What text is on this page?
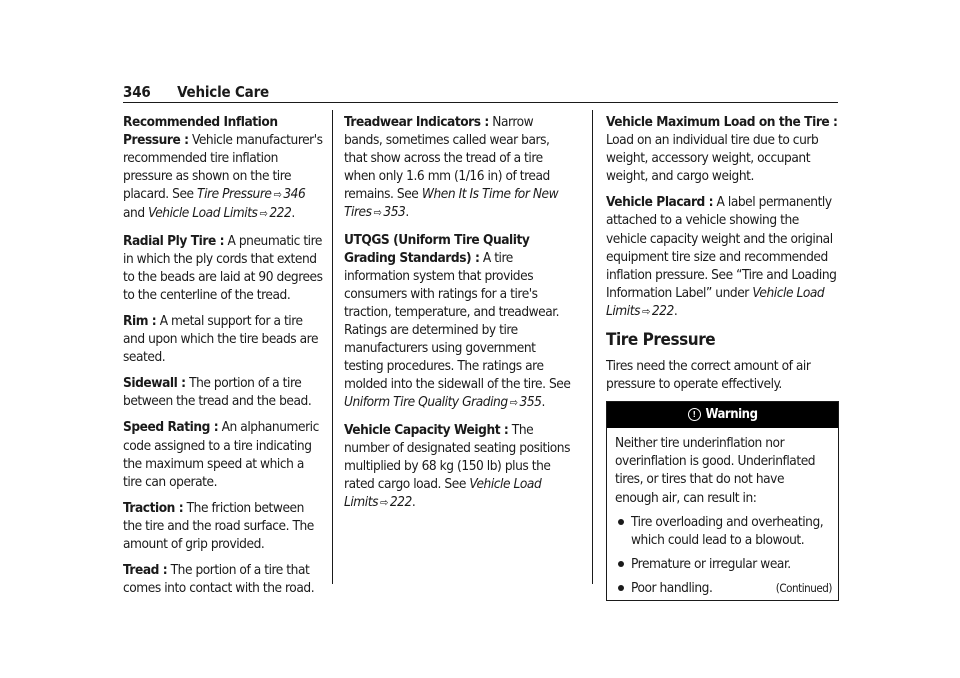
346 Vehicle Care

Recommended Inflation Pressure : Vehicle manufacturer's recommended tire inflation pressure as shown on the tire placard. See Tire Pressure ⇨ 346 and Vehicle Load Limits ⇨ 222.

Radial Ply Tire : A pneumatic tire in which the ply cords that extend to the beads are laid at 90 degrees to the centerline of the tread.

Rim : A metal support for a tire and upon which the tire beads are seated.

Sidewall : The portion of a tire between the tread and the bead.

Speed Rating : An alphanumeric code assigned to a tire indicating the maximum speed at which a tire can operate.

Traction : The friction between the tire and the road surface. The amount of grip provided.

Tread : The portion of a tire that comes into contact with the road.

Treadwear Indicators : Narrow bands, sometimes called wear bars, that show across the tread of a tire when only 1.6 mm (1/16 in) of tread remains. See When It Is Time for New Tires ⇨ 353.

UTQGS (Uniform Tire Quality Grading Standards) : A tire information system that provides consumers with ratings for a tire's traction, temperature, and treadwear. Ratings are determined by tire manufacturers using government testing procedures. The ratings are molded into the sidewall of the tire. See Uniform Tire Quality Grading ⇨ 355.

Vehicle Capacity Weight : The number of designated seating positions multiplied by 68 kg (150 lb) plus the rated cargo load. See Vehicle Load Limits ⇨ 222.

Vehicle Maximum Load on the Tire : Load on an individual tire due to curb weight, accessory weight, occupant weight, and cargo weight.

Vehicle Placard : A label permanently attached to a vehicle showing the vehicle capacity weight and the original equipment tire size and recommended inflation pressure. See “Tire and Loading Information Label” under Vehicle Load Limits ⇨ 222.

Tire Pressure

Tires need the correct amount of air pressure to operate effectively.

! Warning

Neither tire underinflation nor overinflation is good. Underinflated tires, or tires that do not have enough air, can result in:

Tire overloading and overheating, which could lead to a blowout.
Premature or irregular wear.
Poor handling.	(Continued)
